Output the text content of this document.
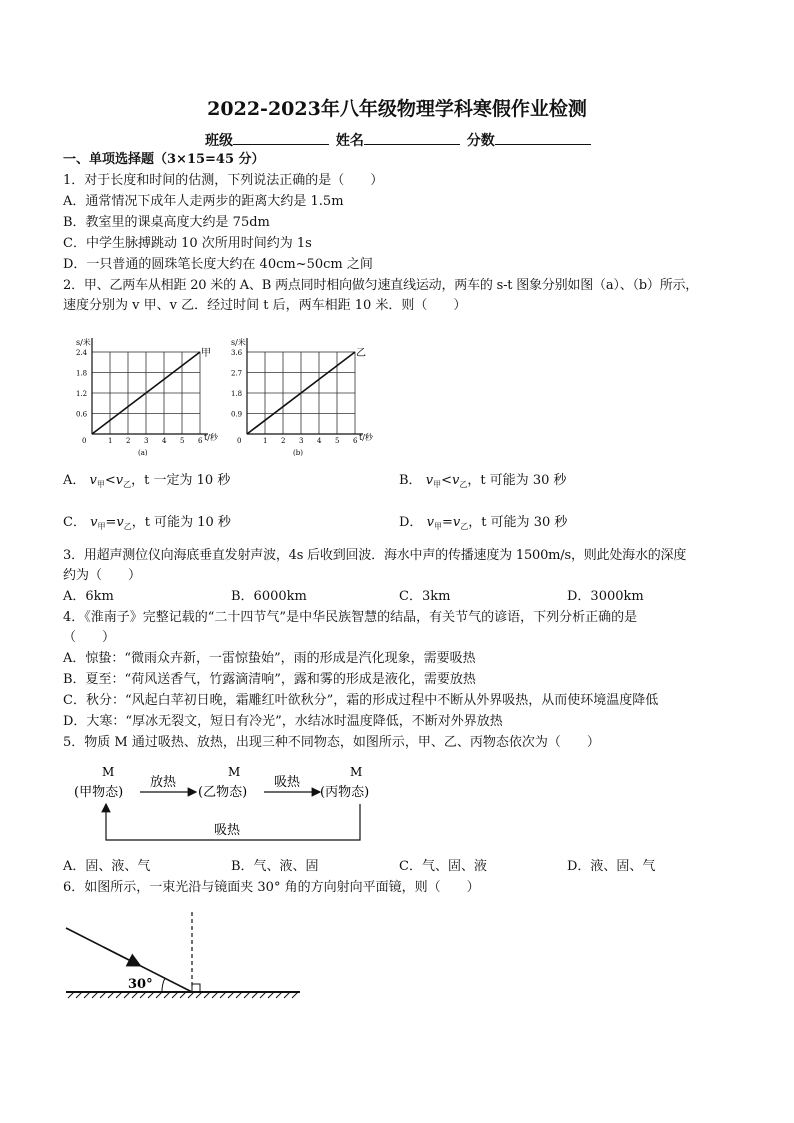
2022-2023年八年级物理学科寒假作业检测
班级	姓名	分数
一、单项选择题（3×15=45 分）
1．对于长度和时间的估测，下列说法正确的是（　　）
A．通常情况下成年人走两步的距离大约是 1.5m
B．教室里的课桌高度大约是 75dm
C．中学生脉搏跳动 10 次所用时间约为 1s
D．一只普通的圆珠笔长度大约在 40cm~50cm 之间
2．甲、乙两车从相距 20 米的 A、B 两点同时相向做匀速直线运动，两车的 s-t 图象分别如图（a）、（b）所示，
速度分别为 v 甲、v 乙．经过时间 t 后，两车相距 10 米．则（　　）
s/米
t/秒
甲
2.4
1.8
1.2
0.6
0	1 2 3 4 5 6
(a)
s/米
t/秒
乙
3.6
2.7
1.8
0.9
0	1 2 3 4 5 6
(b)
A． $v_甲<v_乙$，t 一定为 10 秒	B． $v_甲<v_乙$，t 可能为 30 秒
C． $v_甲=v_乙$，t 可能为 10 秒	D． $v_甲=v_乙$，t 可能为 30 秒
3．用超声测位仪向海底垂直发射声波，4s 后收到回波．海水中声的传播速度为 1500m/s，则此处海水的深度
约为（　　）
A．6km	B．6000km	C．3km	D．3000km
4．《淮南子》完整记载的“二十四节气”是中华民族智慧的结晶，有关节气的谚语，下列分析正确的是
（　　）
A．惊蛰：“微雨众卉新，一雷惊蛰始”，雨的形成是汽化现象，需要吸热
B．夏至：“荷风送香气，竹露滴清响”，露和雾的形成是液化，需要放热
C．秋分：“风起白苹初日晚，霜雕红叶欲秋分”，霜的形成过程中不断从外界吸热，从而使环境温度降低
D．大寒：“厚冰无裂文，短日有冷光”，水结冰时温度降低，不断对外界放热
5．物质 M 通过吸热、放热，出现三种不同物态，如图所示，甲、乙、丙物态依次为（　　）
M
(甲物态)
M
(乙物态)
M
(丙物态)
放热	吸热
吸热
A．固、液、气	B．气、液、固	C．气、固、液	D．液、固、气
6．如图所示，一束光沿与镜面夹 30° 角的方向射向平面镜，则（　　）
30°
